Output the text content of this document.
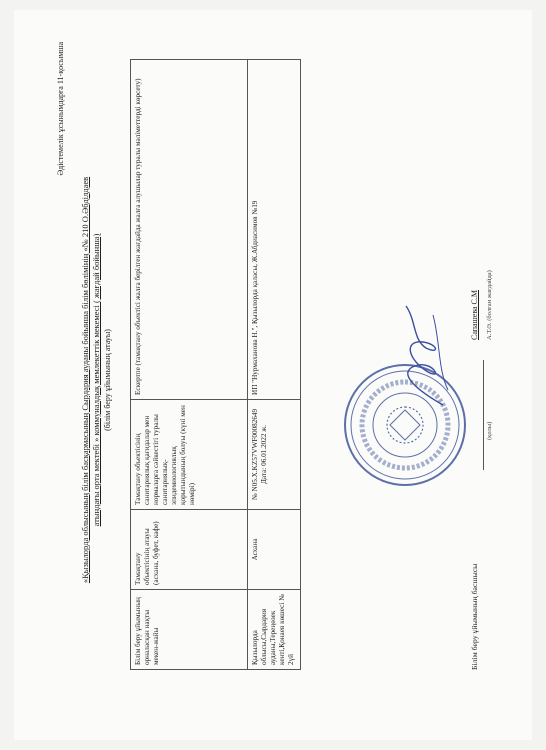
Әдістемелік ұсынымдарға 11-қосымша
«Қызылорда облысының білім басқармасының Сырдария ауданы бойынша білім бөлімінің «№ 210 О.Әбділдаев атындағы орта мектебі » коммуналдық мемлекеттік мекемесі ( жағдай бойынша) (білім беру ұйымының атауы)
Білім беру ұйымының орналасқан нақты мекен-жайы	Тамақтану объектісінің атауы (асхана, буфет, кафе)	Тамақтану объектісінің санитариялық қағидалар мен нормаларға сәйкестігі туралы санитариялық-эпидемиологиялық қорытындының болуы (күні мен нөмірі)	Ескертпе (тамақтану объектісі жалға берілген жағдайда жалға алушылар туралы мәліметтерді көрсету)
Қызылорда облысы,Сырдария ауданы,Тереңөзек кенті,Қонаев көшесі № 2үй	Асхана	№ N05.X.KZ57VWF00082649 Дата: 06.01.2022 ж.	ИП "Нурмаханова Н.", Қызылорда қаласы, Ж.Абдиасимов №19
Білім беру ұйымының басшысы
(қолы)
Сапашева С.М А.Т.Ә. (болған жағдайда)
